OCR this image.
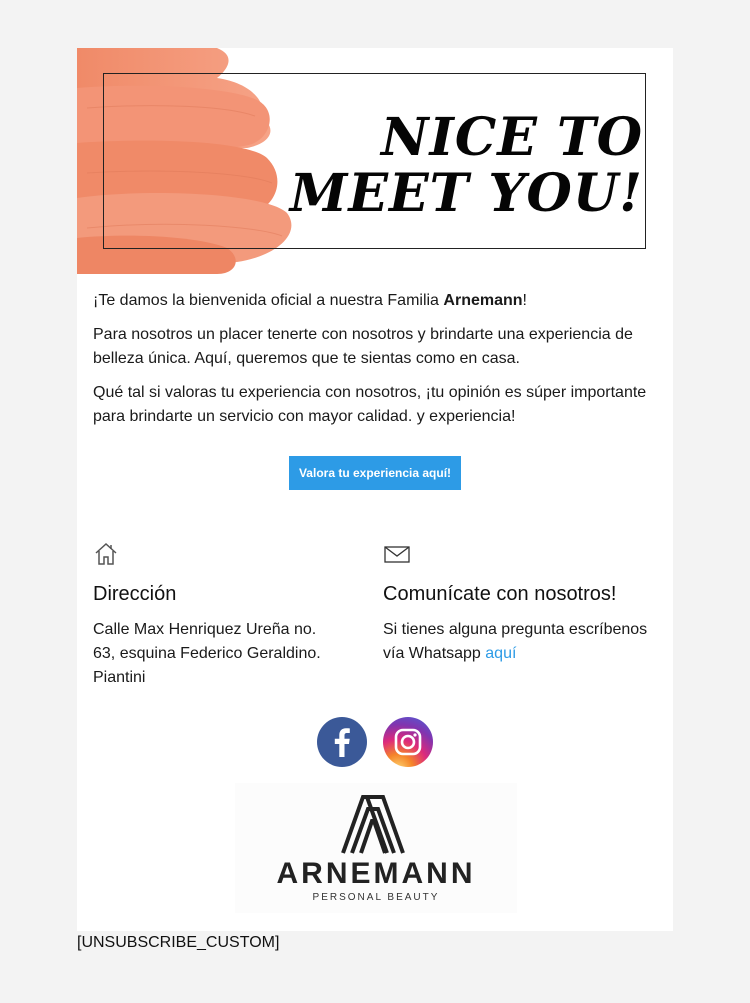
NICE TO
MEET YOU!
¡Te damos la bienvenida oficial a nuestra Familia Arnemann!
Para nosotros un placer tenerte con nosotros y brindarte una experiencia de belleza única. Aquí, queremos que te sientas como en casa.
Qué tal si valoras tu experiencia con nosotros, ¡tu opinión es súper importante para brindarte un servicio con mayor calidad. y experiencia!
Valora tu experiencia aquí!
Dirección
Calle Max Henriquez Ureña no. 63, esquina Federico Geraldino. Piantini
Comunícate con nosotros!
Si tienes alguna pregunta escríbenos vía Whatsapp aquí
ARNEMANN
PERSONAL BEAUTY
[UNSUBSCRIBE_CUSTOM]
